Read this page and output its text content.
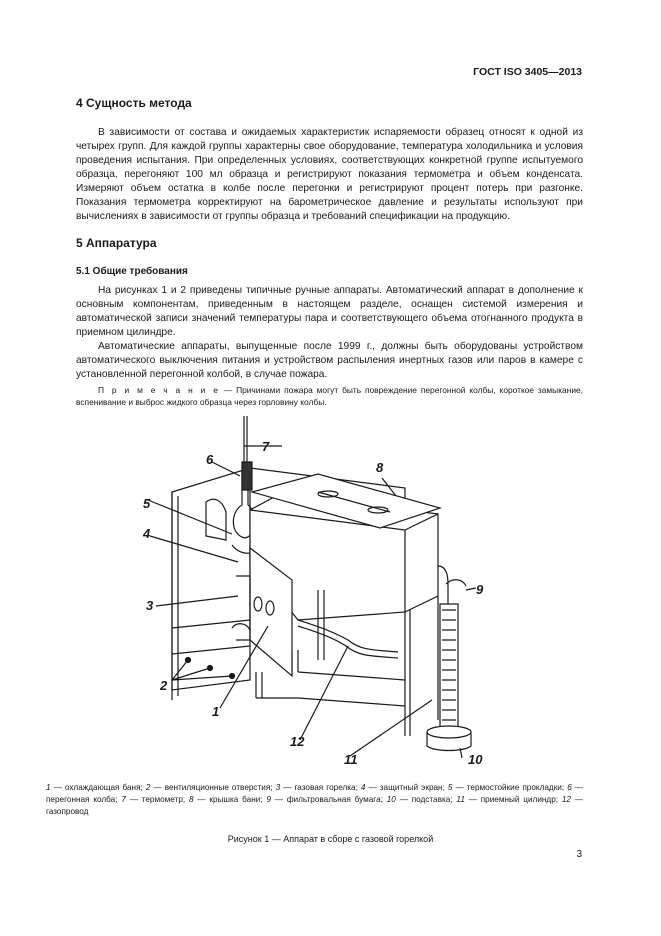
ГОСТ ISO 3405—2013
4 Сущность метода

В зависимости от состава и ожидаемых характеристик испаряемости образец относят к одной из четырех групп. Для каждой группы характерны свое оборудование, температура холодильника и условия проведения испытания. При определенных условиях, соответствующих конкретной группе испытуемого образца, перегоняют 100 мл образца и регистрируют показания термометра и объем конденсата. Измеряют объем остатка в колбе после перегонки и регистрируют процент потерь при разгонке. Показания термометра корректируют на барометрическое давление и результаты используют при вычислениях в зависимости от группы образца и требований спецификации на продукцию.

5 Аппаратура
5.1 Общие требования

На рисунках 1 и 2 приведены типичные ручные аппараты. Автоматический аппарат в дополнение к основным компонентам, приведенным в настоящем разделе, оснащен системой измерения и автоматической записи значений температуры пара и соответствующего объема отогнанного продукта в приемном цилиндре.

Автоматические аппараты, выпущенные после 1999 г., должны быть оборудованы устройством автоматического выключения питания и устройством распыления инертных газов или паров в камере с установленной перегонной колбой, в случае пожара.

П р и м е ч а н и е — Причинами пожара могут быть повреждение перегонной колбы, короткое замыкание, вспенивание и выброс жидкого образца через горловину колбы.

7
6
8
5
4
3
9
2
1
12
11	10

1 — охлаждающая баня; 2 — вентиляционные отверстия; 3 — газовая горелка; 4 — защитный экран; 5 — термостойкие прокладки; 6 — перегонная колба; 7 — термометр; 8 — крышка бани; 9 — фильтровальная бумага; 10 — подставка; 11 — приемный цилиндр; 12 — газопровод

Рисунок 1 — Аппарат в сборе с газовой горелкой
3
